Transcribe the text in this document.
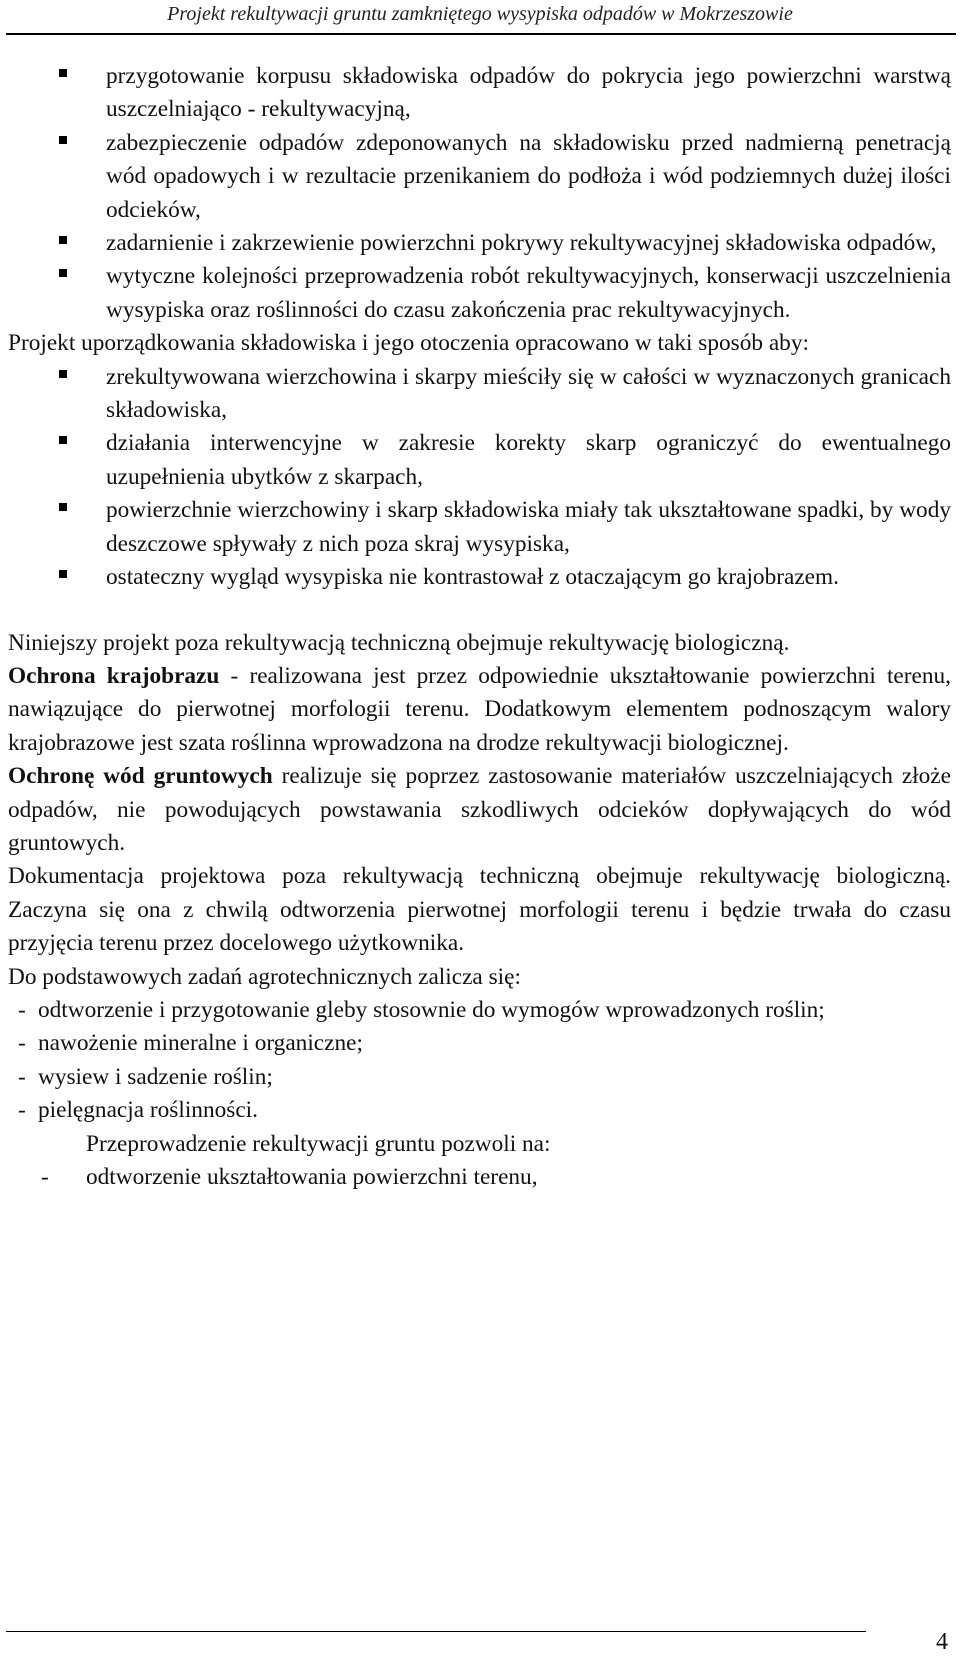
Projekt rekultywacji gruntu zamkniętego wysypiska odpadów w Mokrzeszowie
przygotowanie korpusu składowiska odpadów do pokrycia jego powierzchni warstwą uszczelniająco - rekultywacyjną,
zabezpieczenie odpadów zdeponowanych na składowisku przed nadmierną penetracją wód opadowych i w rezultacie przenikaniem do podłoża i wód podziemnych dużej ilości odcieków,
zadarnienie i zakrzewienie powierzchni pokrywy rekultywacyjnej składowiska odpadów,
wytyczne kolejności przeprowadzenia robót rekultywacyjnych, konserwacji uszczelnienia wysypiska oraz roślinności do czasu zakończenia prac rekultywacyjnych.

Projekt uporządkowania składowiska i jego otoczenia opracowano w taki sposób aby:

zrekultywowana wierzchowina i skarpy mieściły się w całości w wyznaczonych granicach składowiska,
działania interwencyjne w zakresie korekty skarp ograniczyć do ewentualnego uzupełnienia ubytków z skarpach,
powierzchnie wierzchowiny i skarp składowiska miały tak ukształtowane spadki, by wody deszczowe spływały z nich poza skraj wysypiska,
ostateczny wygląd wysypiska nie kontrastował z otaczającym go krajobrazem.

Niniejszy projekt poza rekultywacją techniczną obejmuje rekultywację biologiczną.

Ochrona krajobrazu - realizowana jest przez odpowiednie ukształtowanie powierzchni terenu, nawiązujące do pierwotnej morfologii terenu. Dodatkowym elementem podnoszącym walory krajobrazowe jest szata roślinna wprowadzona na drodze rekultywacji biologicznej.

Ochronę wód gruntowych realizuje się poprzez zastosowanie materiałów uszczelniających złoże odpadów, nie powodujących powstawania szkodliwych odcieków dopływających do wód gruntowych.

Dokumentacja projektowa poza rekultywacją techniczną obejmuje rekultywację biologiczną. Zaczyna się ona z chwilą odtworzenia pierwotnej morfologii terenu i będzie trwała do czasu przyjęcia terenu przez docelowego użytkownika.

Do podstawowych zadań agrotechnicznych zalicza się:

- odtworzenie i przygotowanie gleby stosownie do wymogów wprowadzonych roślin;
- nawożenie mineralne i organiczne;
- wysiew i sadzenie roślin;
- pielęgnacja roślinności.

Przeprowadzenie rekultywacji gruntu pozwoli na:

- odtworzenie ukształtowania powierzchni terenu,
4
